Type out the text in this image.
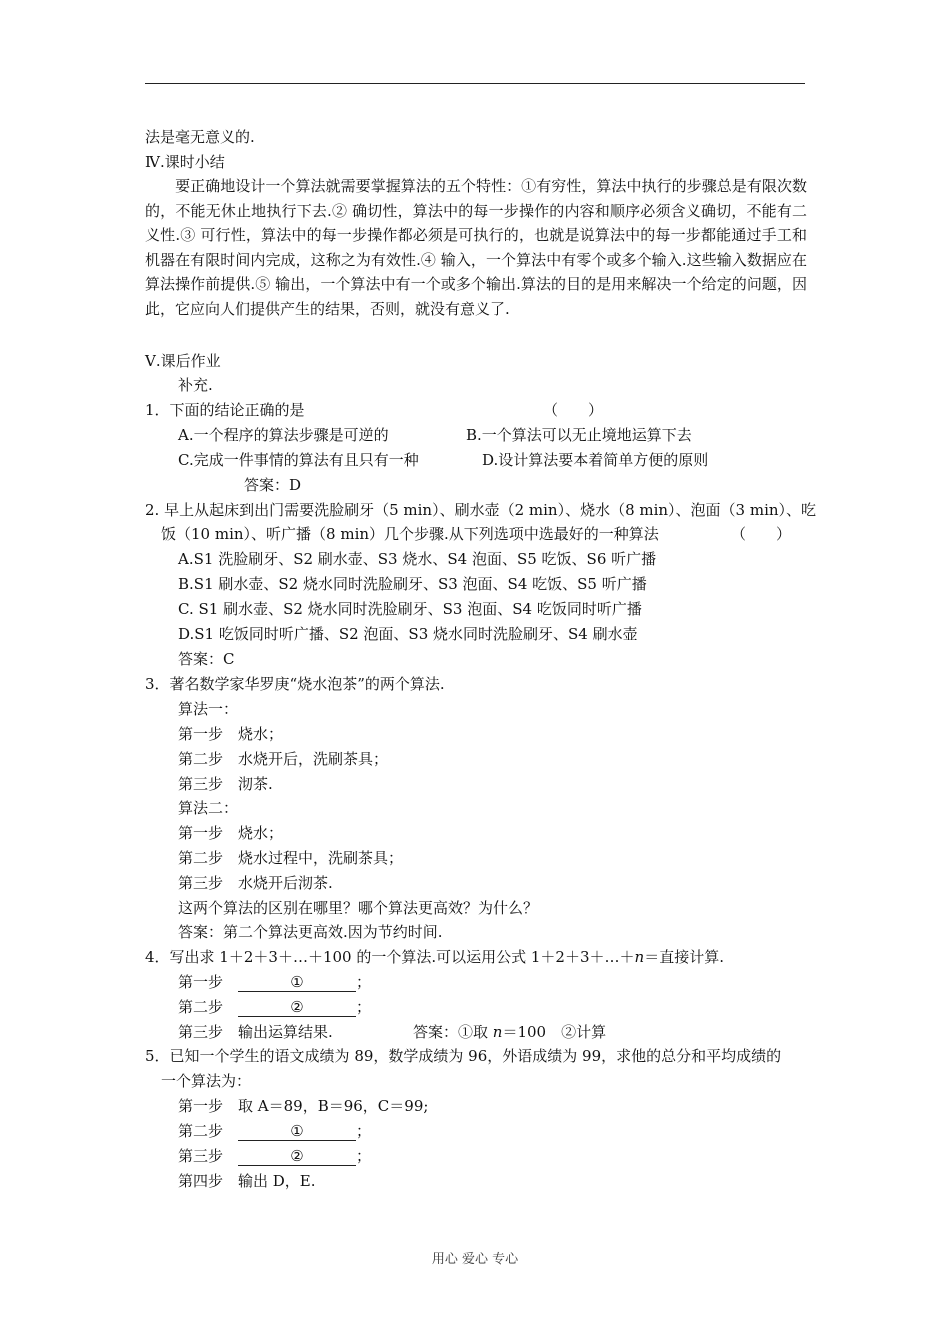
法是毫无意义的.
Ⅳ.课时小结
　　要正确地设计一个算法就需要掌握算法的五个特性：①有穷性，算法中执行的步骤总是有限次数的，不能无休止地执行下去.② 确切性，算法中的每一步操作的内容和顺序必须含义确切，不能有二义性.③ 可行性，算法中的每一步操作都必须是可执行的，也就是说算法中的每一步都能通过手工和机器在有限时间内完成，这称之为有效性.④ 输入，一个算法中有零个或多个输入.这些输入数据应在算法操作前提供.⑤ 输出，一个算法中有一个或多个输出.算法的目的是用来解决一个给定的问题，因此，它应向人们提供产生的结果，否则，就没有意义了.
Ⅴ.课后作业
补充.
1．下面的结论正确的是	（　　）
A.一个程序的算法步骤是可逆的	B.一个算法可以无止境地运算下去
C.完成一件事情的算法有且只有一种	D.设计算法要本着简单方便的原则
答案：D
2. 早上从起床到出门需要洗脸刷牙（5 min）、刷水壶（2 min）、烧水（8 min）、泡面（3 min）、吃
饭（10 min）、听广播（8 min）几个步骤.从下列选项中选最好的一种算法	（　　）
A.S1 洗脸刷牙、S2 刷水壶、S3 烧水、S4 泡面、S5 吃饭、S6 听广播
B.S1 刷水壶、S2 烧水同时洗脸刷牙、S3 泡面、S4 吃饭、S5 听广播
C. S1 刷水壶、S2 烧水同时洗脸刷牙、S3 泡面、S4 吃饭同时听广播
D.S1 吃饭同时听广播、S2 泡面、S3 烧水同时洗脸刷牙、S4 刷水壶
答案：C
3．著名数学家华罗庚“烧水泡茶”的两个算法.
算法一：
第一步　烧水；
第二步　水烧开后，洗刷茶具；
第三步　沏茶.
算法二：
第一步　烧水；
第二步　烧水过程中，洗刷茶具；
第三步　水烧开后沏茶.
这两个算法的区别在哪里？哪个算法更高效？为什么？
答案：第二个算法更高效.因为节约时间.
4．写出求 1＋2＋3＋…＋100 的一个算法.可以运用公式 1＋2＋3＋…＋n＝直接计算.
第一步　	①	；
第二步　	②	；
第三步　输出运算结果.	答案：①取 n＝100　②计算
5．已知一个学生的语文成绩为 89，数学成绩为 96，外语成绩为 99，求他的总分和平均成绩的
一个算法为：
第一步　取 A＝89，B＝96，C＝99;
第二步　	①	；
第三步　	②	；
第四步　输出 D，E.
用心 爱心 专心
